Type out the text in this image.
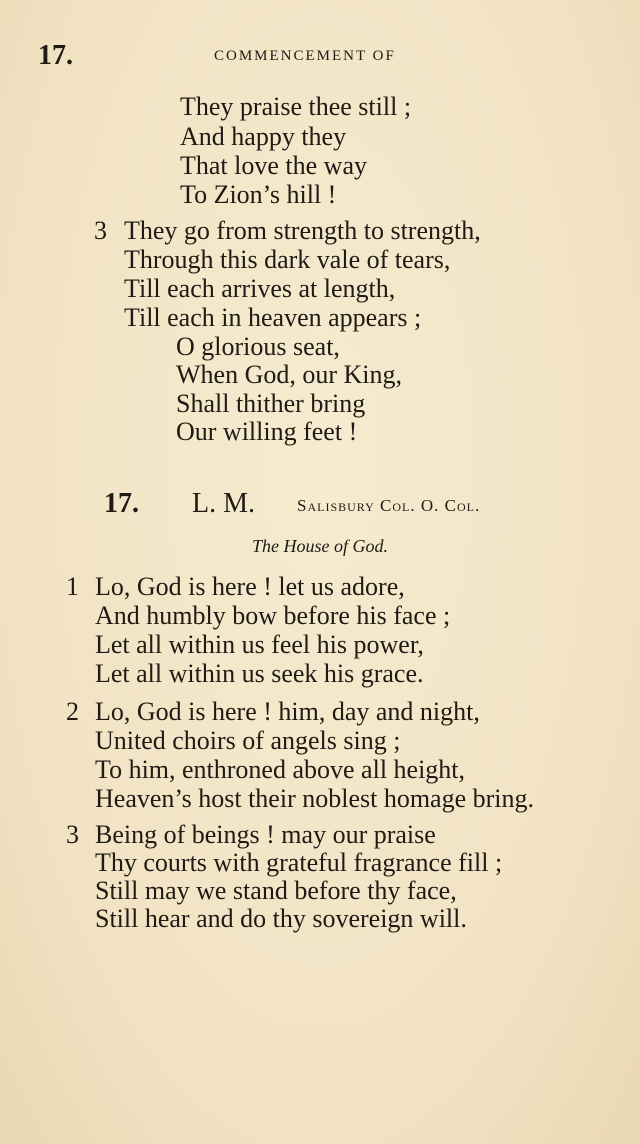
17.	COMMENCEMENT OF
They praise thee still ;
And happy they
That love the way
To Zion’s hill !
3 They go from strength to strength,
Through this dark vale of tears,
Till each arrives at length,
Till each in heaven appears ;
O glorious seat,
When God, our King,
Shall thither bring
Our willing feet !
17. L. M. Salisbury Col. O. Col.
The House of God.
1 Lo, God is here ! let us adore,
And humbly bow before his face ;
Let all within us feel his power,
Let all within us seek his grace.
2 Lo, God is here ! him, day and night,
United choirs of angels sing ;
To him, enthroned above all height,
Heaven’s host their noblest homage bring.
3 Being of beings ! may our praise
Thy courts with grateful fragrance fill ;
Still may we stand before thy face,
Still hear and do thy sovereign will.
